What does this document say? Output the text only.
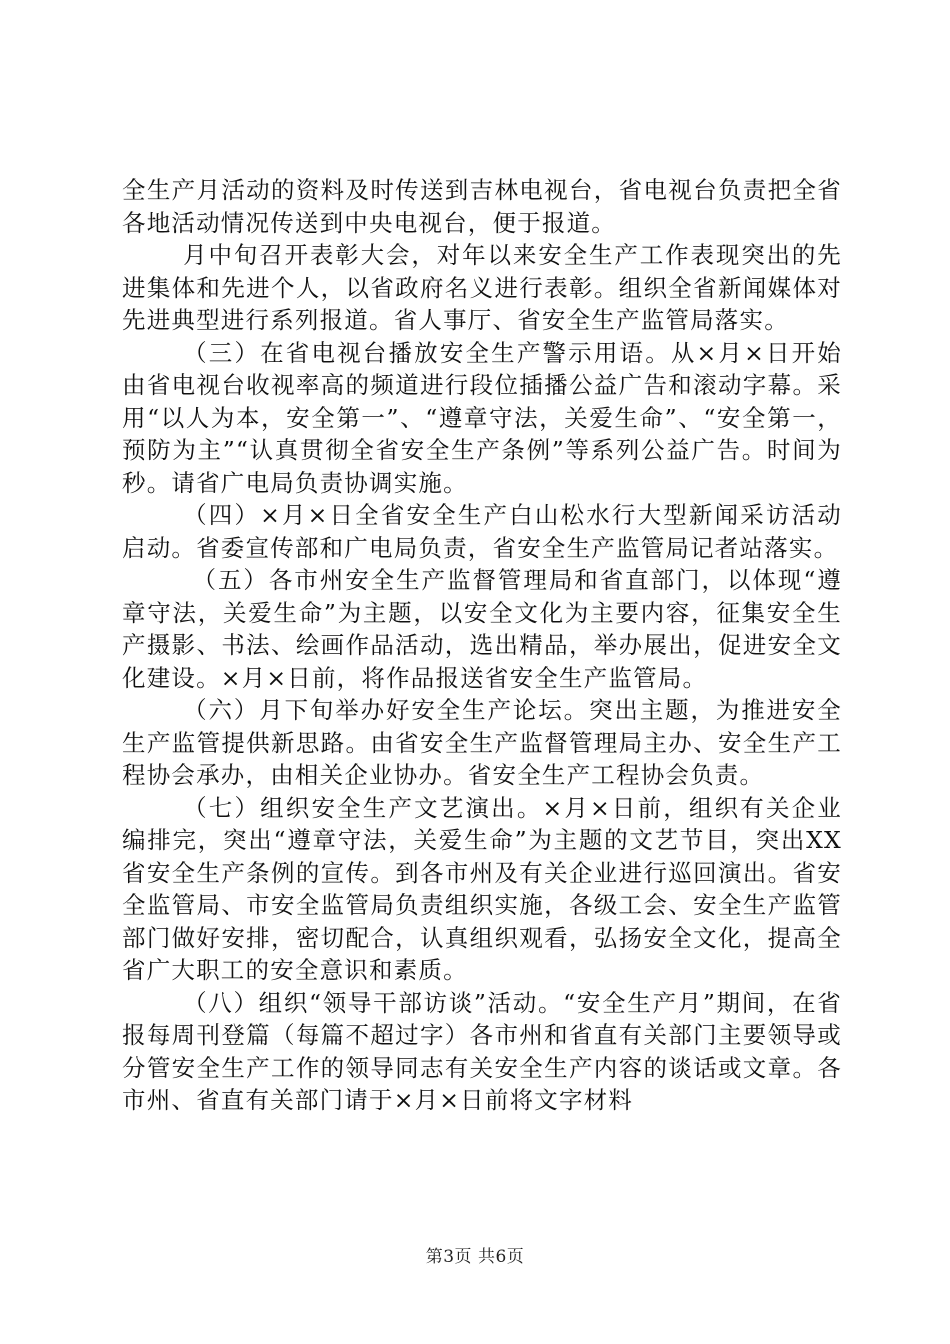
全生产月活动的资料及时传送到吉林电视台，省电视台负责把全省各地活动情况传送到中央电视台，便于报道。

月中旬召开表彰大会，对年以来安全生产工作表现突出的先进集体和先进个人，以省政府名义进行表彰。组织全省新闻媒体对先进典型进行系列报道。省人事厅、省安全生产监管局落实。

（三）在省电视台播放安全生产警示用语。从×月×日开始由省电视台收视率高的频道进行段位插播公益广告和滚动字幕。采用“以人为本，安全第一”、“遵章守法，关爱生命”、“安全第一，预防为主”“认真贯彻全省安全生产条例”等系列公益广告。时间为秒。请省广电局负责协调实施。

（四）×月×日全省安全生产白山松水行大型新闻采访活动启动。省委宣传部和广电局负责，省安全生产监管局记者站落实。

（五）各市州安全生产监督管理局和省直部门，以体现“遵章守法，关爱生命”为主题，以安全文化为主要内容，征集安全生产摄影、书法、绘画作品活动，选出精品，举办展出，促进安全文化建设。×月×日前，将作品报送省安全生产监管局。

（六）月下旬举办好安全生产论坛。突出主题，为推进安全生产监管提供新思路。由省安全生产监督管理局主办、安全生产工程协会承办，由相关企业协办。省安全生产工程协会负责。

（七）组织安全生产文艺演出。×月×日前，组织有关企业编排完，突出“遵章守法，关爱生命”为主题的文艺节目，突出XX省安全生产条例的宣传。到各市州及有关企业进行巡回演出。省安全监管局、市安全监管局负责组织实施，各级工会、安全生产监管部门做好安排，密切配合，认真组织观看，弘扬安全文化，提高全省广大职工的安全意识和素质。

（八）组织“领导干部访谈”活动。“安全生产月”期间，在省报每周刊登篇（每篇不超过字）各市州和省直有关部门主要领导或分管安全生产工作的领导同志有关安全生产内容的谈话或文章。各市州、省直有关部门请于×月×日前将文字材料

第3页 共6页
